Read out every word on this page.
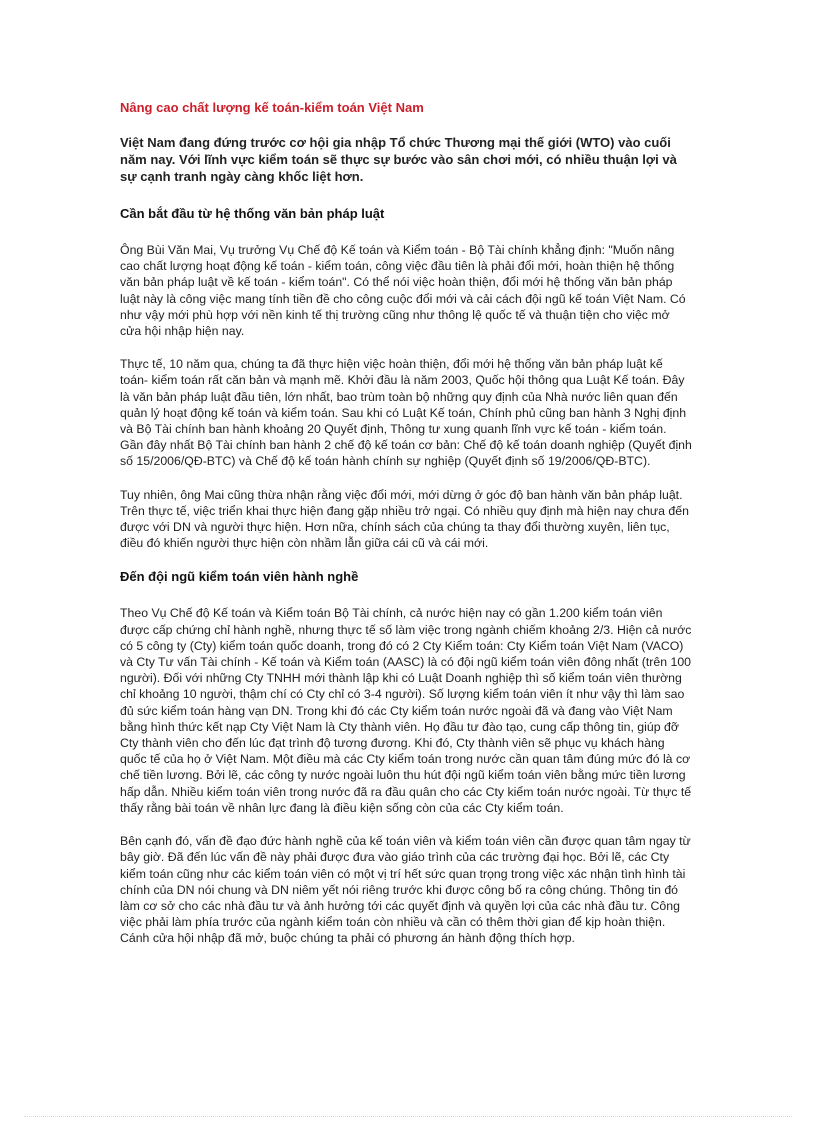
Nâng cao chất lượng kế toán-kiểm toán Việt Nam
Việt Nam đang đứng trước cơ hội gia nhập Tổ chức Thương mại thế giới (WTO) vào cuối năm nay. Với lĩnh vực kiểm toán sẽ thực sự bước vào sân chơi mới, có nhiều thuận lợi và sự cạnh tranh ngày càng khốc liệt hơn.
Cần bắt đầu từ hệ thống văn bản pháp luật
Ông Bùi Văn Mai, Vụ trưởng Vụ Chế độ Kế toán và Kiểm toán - Bộ Tài chính khẳng định: "Muốn nâng cao chất lượng hoạt động kế toán - kiểm toán, công việc đầu tiên là phải đổi mới, hoàn thiện hệ thống văn bản pháp luật về kế toán - kiểm toán". Có thể nói việc hoàn thiện, đổi mới hệ thống văn bản pháp luật này là công việc mang tính tiền đề cho công cuộc đổi mới và cải cách đội ngũ kế toán Việt Nam. Có như vậy mới phù hợp với nền kinh tế thị trường cũng như thông lệ quốc tế và thuận tiện cho việc mở cửa hội nhập hiện nay.
Thực tế, 10 năm qua, chúng ta đã thực hiện việc hoàn thiện, đổi mới hệ thống văn bản pháp luật kế toán- kiểm toán rất căn bản và mạnh mẽ. Khởi đầu là năm 2003, Quốc hội thông qua Luật Kế toán. Đây là văn bản pháp luật đầu tiên, lớn nhất, bao trùm toàn bộ những quy định của Nhà nước liên quan đến quản lý hoạt động kế toán và kiểm toán. Sau khi có Luật Kế toán, Chính phủ cũng ban hành 3 Nghị định và Bộ Tài chính ban hành khoảng 20 Quyết định, Thông tư xung quanh lĩnh vực kế toán - kiểm toán. Gần đây nhất Bộ Tài chính ban hành 2 chế độ kế toán cơ bản: Chế độ kế toán doanh nghiệp (Quyết định số 15/2006/QĐ-BTC) và Chế độ kế toán hành chính sự nghiệp (Quyết định số 19/2006/QĐ-BTC).
Tuy nhiên, ông Mai cũng thừa nhận rằng việc đổi mới, mới dừng ở góc độ ban hành văn bản pháp luật. Trên thực tế, việc triển khai thực hiện đang gặp nhiều trở ngại. Có nhiều quy định mà hiện nay chưa đến được với DN và người thực hiện. Hơn nữa, chính sách của chúng ta thay đổi thường xuyên, liên tục, điều đó khiến người thực hiện còn nhầm lẫn giữa cái cũ và cái mới.
Đến đội ngũ kiểm toán viên hành nghề
Theo Vụ Chế độ Kế toán và Kiểm toán Bộ Tài chính, cả nước hiện nay có gần 1.200 kiểm toán viên được cấp chứng chỉ hành nghề, nhưng thực tế số làm việc trong ngành chiếm khoảng 2/3. Hiện cả nước có 5 công ty (Cty) kiểm toán quốc doanh, trong đó có 2 Cty Kiểm toán: Cty Kiểm toán Việt Nam (VACO) và Cty Tư vấn Tài chính - Kế toán và Kiểm toán (AASC) là có đội ngũ kiểm toán viên đông nhất (trên 100 người). Đối với những Cty TNHH mới thành lập khi có Luật Doanh nghiệp thì số kiểm toán viên thường chỉ khoảng 10 người, thậm chí có Cty chỉ có 3-4 người). Số lượng kiểm toán viên ít như vậy thì làm sao đủ sức kiểm toán hàng vạn DN. Trong khi đó các Cty kiểm toán nước ngoài đã và đang vào Việt Nam bằng hình thức kết nạp Cty Việt Nam là Cty thành viên. Họ đầu tư đào tạo, cung cấp thông tin, giúp đỡ Cty thành viên cho đến lúc đạt trình độ tương đương. Khi đó, Cty thành viên sẽ phục vụ khách hàng quốc tế của họ ở Việt Nam. Một điều mà các Cty kiểm toán trong nước cần quan tâm đúng mức đó là cơ chế tiền lương. Bởi lẽ, các công ty nước ngoài luôn thu hút đội ngũ kiểm toán viên bằng mức tiền lương hấp dẫn. Nhiều kiểm toán viên trong nước đã ra đầu quân cho các Cty kiểm toán nước ngoài. Từ thực tế thấy rằng bài toán về nhân lực đang là điều kiện sống còn của các Cty kiểm toán.
Bên cạnh đó, vấn đề đạo đức hành nghề của kế toán viên và kiểm toán viên cần được quan tâm ngay từ bây giờ. Đã đến lúc vấn đề này phải được đưa vào giáo trình của các trường đại học. Bởi lẽ, các Cty kiểm toán cũng như các kiểm toán viên có một vị trí hết sức quan trọng trong việc xác nhận tình hình tài chính của DN nói chung và DN niêm yết nói riêng trước khi được công bố ra công chúng. Thông tin đó làm cơ sở cho các nhà đầu tư và ảnh hưởng tới các quyết định và quyền lợi của các nhà đầu tư. Công việc phải làm phía trước của ngành kiểm toán còn nhiều và cần có thêm thời gian để kịp hoàn thiện. Cánh cửa hội nhập đã mở, buộc chúng ta phải có phương án hành động thích hợp.
